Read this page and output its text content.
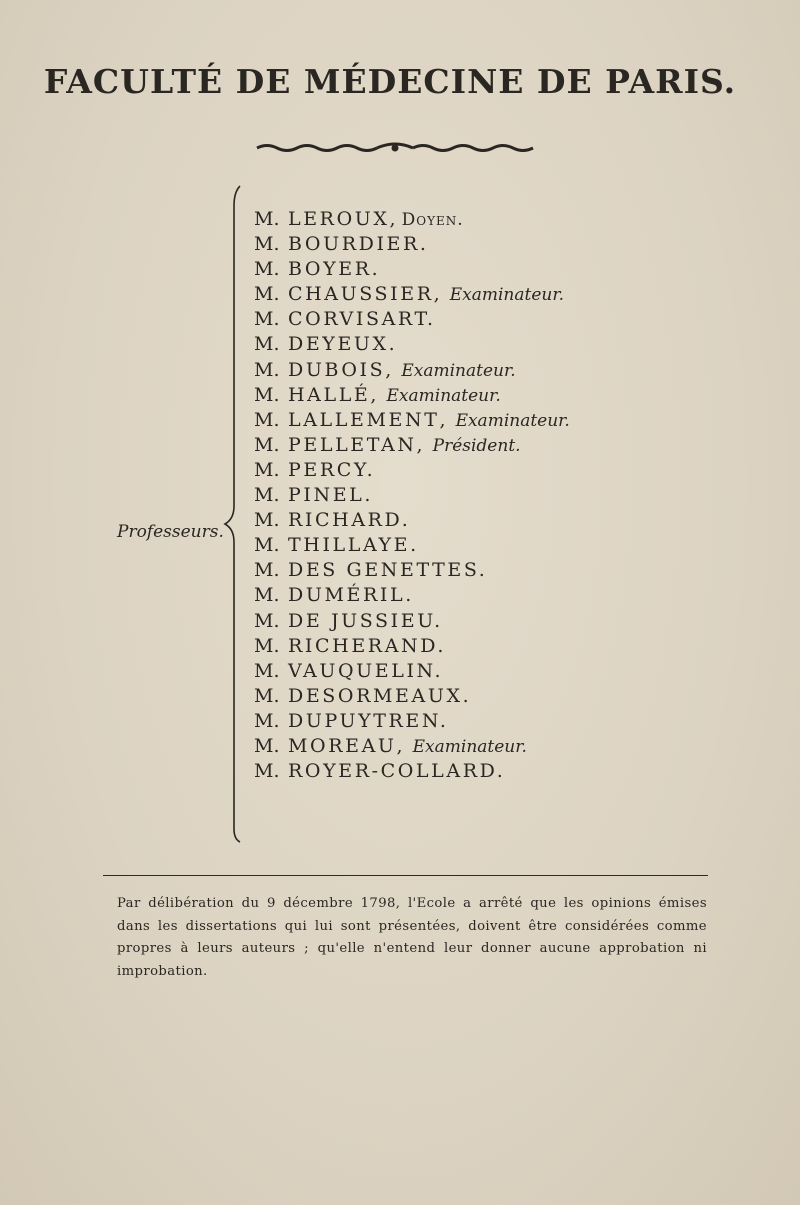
FACULTÉ DE MÉDECINE DE PARIS.
Professeurs.
M. LEROUX, Doyen.
M. BOURDIER.
M. BOYER.
M. CHAUSSIER, Examinateur.
M. CORVISART.
M. DEYEUX.
M. DUBOIS, Examinateur.
M. HALLÉ, Examinateur.
M. LALLEMENT, Examinateur.
M. PELLETAN, Président.
M. PERCY.
M. PINEL.
M. RICHARD.
M. THILLAYE.
M. DES GENETTES.
M. DUMÉRIL.
M. DE JUSSIEU.
M. RICHERAND.
M. VAUQUELIN.
M. DESORMEAUX.
M. DUPUYTREN.
M. MOREAU, Examinateur.
M. ROYER-COLLARD.
Par délibération du 9 décembre 1798, l'Ecole a arrêté que les opinions émises dans les dissertations qui lui sont présentées, doivent être considérées comme propres à leurs auteurs ; qu'elle n'entend leur donner aucune approbation ni improbation.
